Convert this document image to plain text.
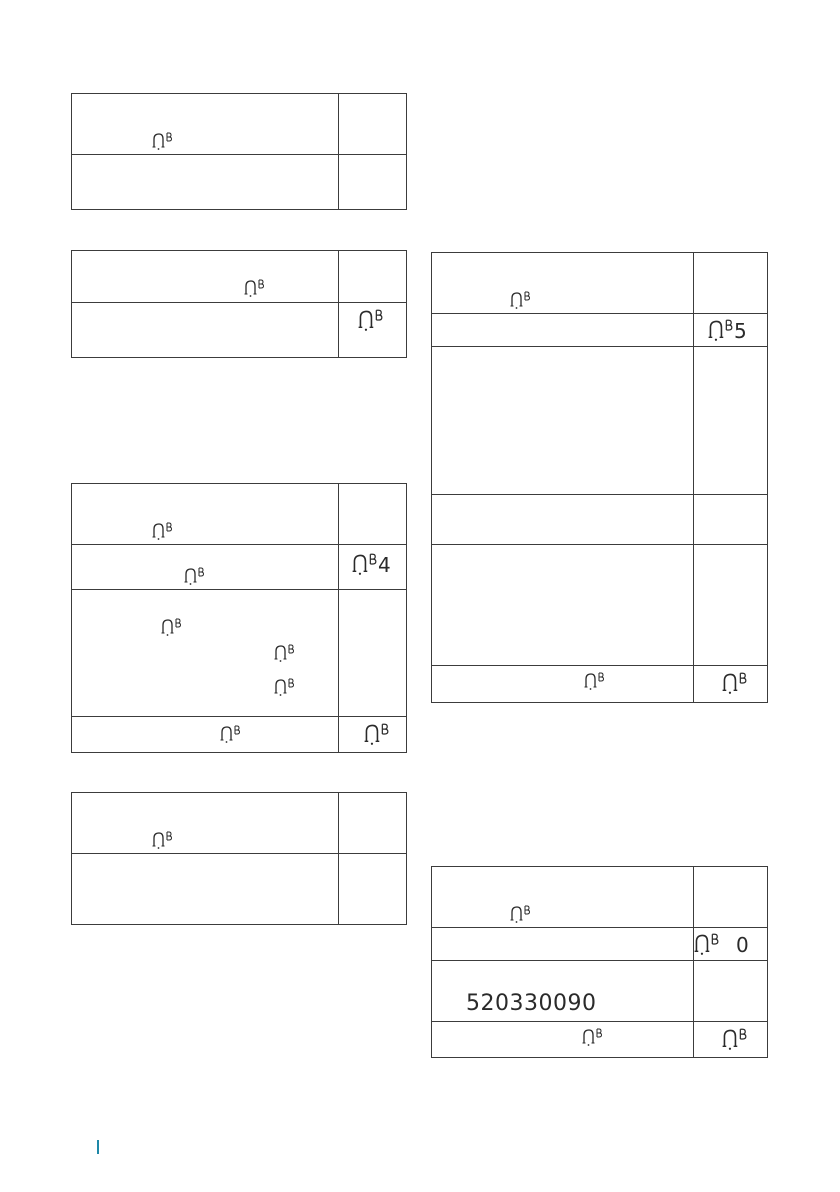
4
5
0
520330090
